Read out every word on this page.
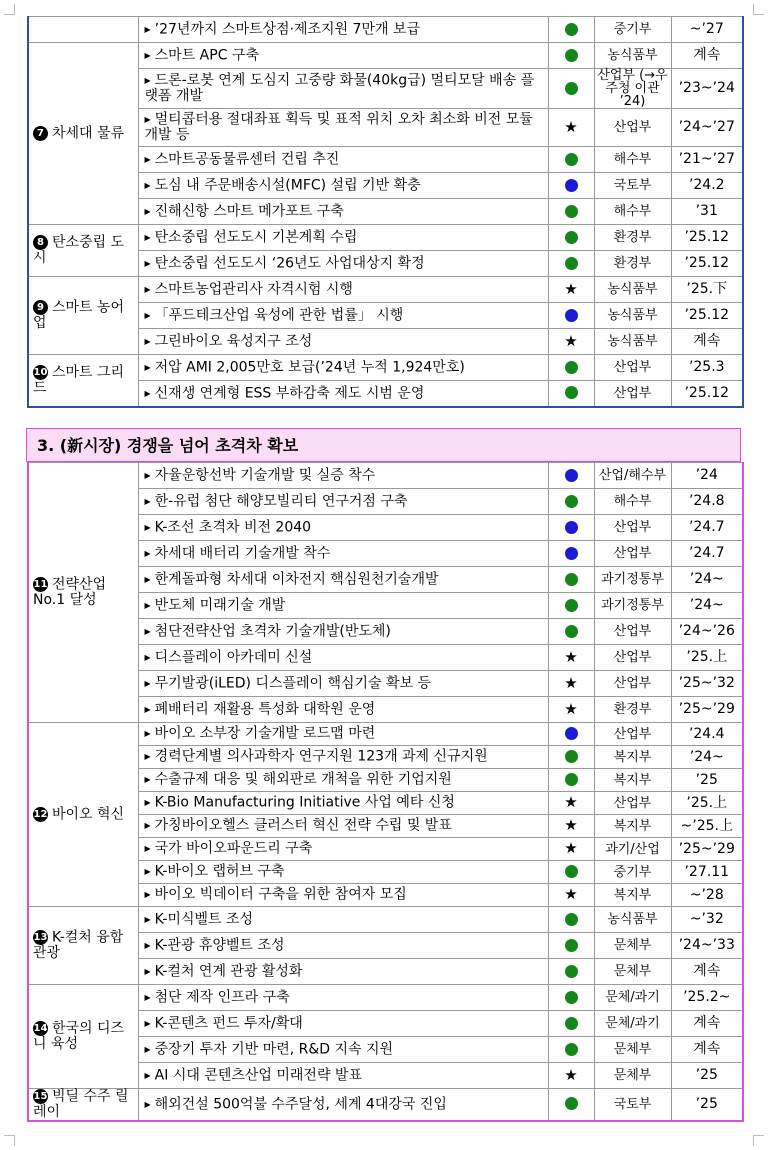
	▶ ’27년까지 스마트상점·제조지원 7만개 보급		중기부	~’27
7 차세대 물류	▶ 스마트 APC 구축		농식품부	계속
	▶ 드론-로봇 연계 도심지 고중량 화물(40kg급) 멀티모달 배송 플랫폼 개발		산업부 (→우주청 이관 ’24)	’23~’24
	▶ 멀티콥터용 절대좌표 획득 및 표적 위치 오차 최소화 비전 모듈 개발 등	★	산업부	’24~’27
	▶ 스마트공동물류센터 건립 추진		해수부	’21~’27
	▶ 도심 내 주문배송시설(MFC) 설립 기반 확충		국토부	’24.2
	▶ 진해신항 스마트 메가포트 구축		해수부	’31
8 탄소중립 도시	▶ 탄소중립 선도도시 기본계획 수립		환경부	’25.12
	▶ 탄소중립 선도도시 ‘26년도 사업대상지 확정		환경부	’25.12
9 스마트 농어업	▶ 스마트농업관리사 자격시험 시행	★	농식품부	’25.下
	▶ 「푸드테크산업 육성에 관한 법률」 시행		농식품부	’25.12
	▶ 그린바이오 육성지구 조성	★	농식품부	계속
10 스마트 그리드	▶ 저압 AMI 2,005만호 보급(’24년 누적 1,924만호)		산업부	’25.3
	▶ 신재생 연계형 ESS 부하감축 제도 시범 운영		산업부	’25.12
3. (新시장) 경쟁을 넘어 초격차 확보
11 전략산업 No.1 달성	▶ 자율운항선박 기술개발 및 실증 착수		산업/해수부	’24
	▶ 한-유럽 첨단 해양모빌리티 연구거점 구축		해수부	’24.8
	▶ K-조선 초격차 비전 2040		산업부	’24.7
	▶ 차세대 배터리 기술개발 착수		산업부	’24.7
	▶ 한계돌파형 차세대 이차전지 핵심원천기술개발		과기정통부	’24~
	▶ 반도체 미래기술 개발		과기정통부	’24~
	▶ 첨단전략산업 초격차 기술개발(반도체)		산업부	’24~’26
	▶ 디스플레이 아카데미 신설	★	산업부	’25.上
	▶ 무기발광(iLED) 디스플레이 핵심기술 확보 등	★	산업부	’25~’32
	▶ 폐배터리 재활용 특성화 대학원 운영	★	환경부	’25~’29
12 바이오 혁신	▶ 바이오 소부장 기술개발 로드맵 마련		산업부	’24.4
	▶ 경력단계별 의사과학자 연구지원 123개 과제 신규지원		복지부	’24~
	▶ 수출규제 대응 및 해외판로 개척을 위한 기업지원		복지부	’25
	▶ K-Bio Manufacturing Initiative 사업 예타 신청	★	산업부	’25.上
	▶ 가칭바이오헬스 클러스터 혁신 전략 수립 및 발표	★	복지부	~’25.上
	▶ 국가 바이오파운드리 구축	★	과기/산업	’25~’29
	▶ K-바이오 랩허브 구축		중기부	’27.11
	▶ 바이오 빅데이터 구축을 위한 참여자 모집	★	복지부	~’28
13 K-컬처 융합 관광	▶ K-미식벨트 조성		농식품부	~’32
	▶ K-관광 휴양벨트 조성		문체부	’24~’33
	▶ K-컬처 연계 관광 활성화		문체부	계속
14 한국의 디즈니 육성	▶ 첨단 제작 인프라 구축		문체/과기	’25.2~
	▶ K-콘텐츠 펀드 투자/확대		문체/과기	계속
	▶ 중장기 투자 기반 마련, R&D 지속 지원		문체부	계속
	▶ AI 시대 콘텐츠산업 미래전략 발표	★	문체부	’25
15 빅딜 수주 릴레이	▶ 해외건설 500억불 수주달성, 세계 4대강국 진입		국토부	’25
